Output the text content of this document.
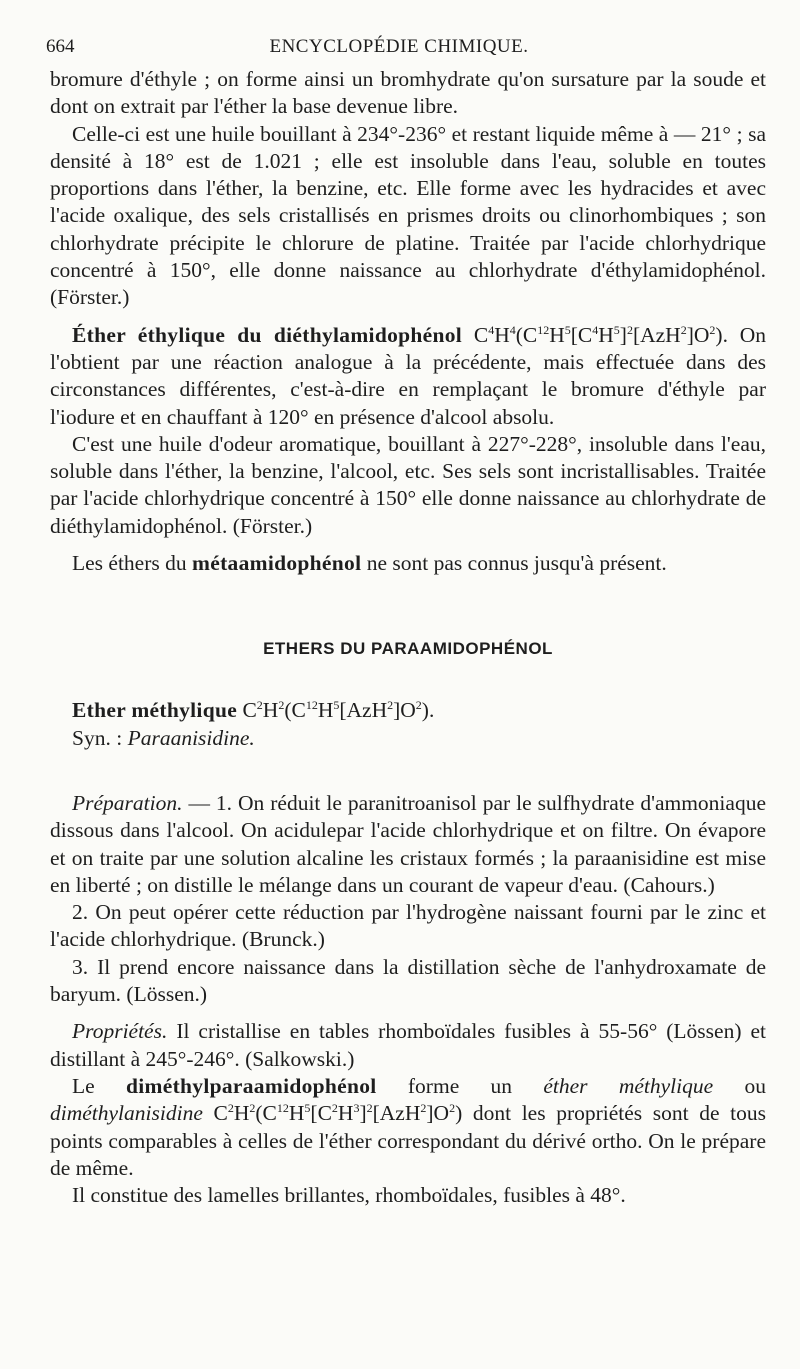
664	ENCYCLOPÉDIE CHIMIQUE.

bromure d'éthyle ; on forme ainsi un bromhydrate qu'on sursature par la soude et dont on extrait par l'éther la base devenue libre.

Celle-ci est une huile bouillant à 234°-236° et restant liquide même à — 21° ; sa densité à 18° est de 1.021 ; elle est insoluble dans l'eau, soluble en toutes proportions dans l'éther, la benzine, etc. Elle forme avec les hydracides et avec l'acide oxalique, des sels cristallisés en prismes droits ou clinorhombiques ; son chlorhydrate précipite le chlorure de platine. Traitée par l'acide chlorhydrique concentré à 150°, elle donne naissance au chlorhydrate d'éthylamidophénol. (Förster.)

Éther éthylique du diéthylamidophénol $C^4H^4(C^{12}H^5[C^4H^5]^2[AzH^2]O^2)$. On l'obtient par une réaction analogue à la précédente, mais effectuée dans des circonstances différentes, c'est-à-dire en remplaçant le bromure d'éthyle par l'iodure et en chauffant à 120° en présence d'alcool absolu.

C'est une huile d'odeur aromatique, bouillant à 227°-228°, insoluble dans l'eau, soluble dans l'éther, la benzine, l'alcool, etc. Ses sels sont incristallisables. Traitée par l'acide chlorhydrique concentré à 150° elle donne naissance au chlorhydrate de diéthylamidophénol. (Förster.)

Les éthers du métaamidophénol ne sont pas connus jusqu'à présent.

ETHERS DU PARAAMIDOPHÉNOL

Ether méthylique $C^2H^2(C^{12}H^5[AzH^2]O^2)$.

Syn. : Paraanisidine.

Préparation. — 1. On réduit le paranitroanisol par le sulfhydrate d'ammoniaque dissous dans l'alcool. On acidulepar l'acide chlorhydrique et on filtre. On évapore et on traite par une solution alcaline les cristaux formés ; la paraanisidine est mise en liberté ; on distille le mélange dans un courant de vapeur d'eau. (Cahours.)

2. On peut opérer cette réduction par l'hydrogène naissant fourni par le zinc et l'acide chlorhydrique. (Brunck.)

3. Il prend encore naissance dans la distillation sèche de l'anhydroxamate de baryum. (Lössen.)

Propriétés. Il cristallise en tables rhomboïdales fusibles à 55-56° (Lössen) et distillant à 245°-246°. (Salkowski.)

Le diméthylparaamidophénol forme un éther méthylique ou diméthylanisidine $C^2H^2(C^{12}H^5[C^2H^3]^2[AzH^2]O^2)$ dont les propriétés sont de tous points comparables à celles de l'éther correspondant du dérivé ortho. On le prépare de même.

Il constitue des lamelles brillantes, rhomboïdales, fusibles à 48°.
